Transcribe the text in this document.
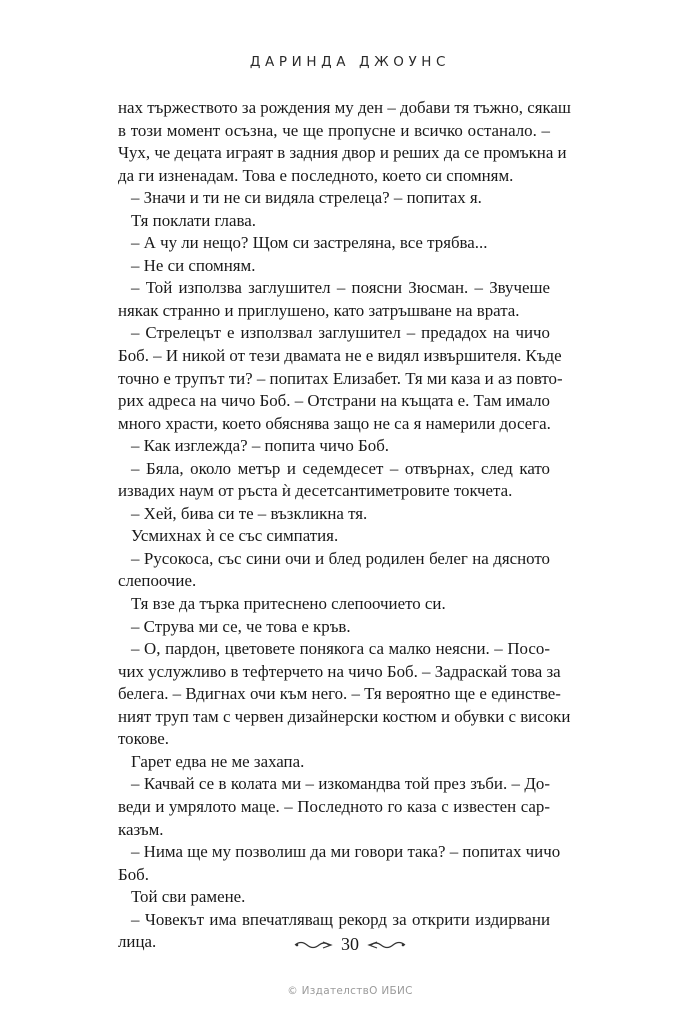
ДАРИНДА ДЖОУНС
нах тържеството за рождения му ден – добави тя тъжно, сякаш
в този момент осъзна, че ще пропусне и всичко останало. –
Чух, че децата играят в задния двор и реших да се промъкна и
да ги изненадам. Това е последното, което си спомням.
– Значи и ти не си видяла стрелеца? – попитах я.
Тя поклати глава.
– А чу ли нещо? Щом си застреляна, все трябва...
– Не си спомням.
– Той използва заглушител – поясни Зюсман. – Звучеше
някак странно и приглушено, като затръшване на врата.
– Стрелецът е използвал заглушител – предадох на чичо
Боб. – И никой от тези двамата не е видял извършителя. Къде
точно е трупът ти? – попитах Елизабет. Тя ми каза и аз повто-
рих адреса на чичо Боб. – Отстрани на къщата е. Там имало
много храсти, което обяснява защо не са я намерили досега.
– Как изглежда? – попита чичо Боб.
– Бяла, около метър и седемдесет – отвърнах, след като
извадих наум от ръста ѝ десетсантиметровите токчета.
– Хей, бива си те – възкликна тя.
Усмихнах ѝ се със симпатия.
– Русокоса, със сини очи и блед родилен белег на дясното
слепоочие.
Тя взе да търка притеснено слепоочието си.
– Струва ми се, че това е кръв.
– О, пардон, цветовете понякога са малко неясни. – Посо-
чих услужливо в тефтерчето на чичо Боб. – Задраскай това за
белега. – Вдигнах очи към него. – Тя вероятно ще е единстве-
ният труп там с червен дизайнерски костюм и обувки с високи
токове.
Гарет едва не ме захапа.
– Качвай се в колата ми – изкомандва той през зъби. – До-
веди и умрялото маце. – Последното го каза с известен сар-
казъм.
– Нима ще му позволиш да ми говори така? – попитах чичо
Боб.
Той сви рамене.
– Човекът има впечатляващ рекорд за открити издирвани
лица.	30
© ИздателствО ИБИС
